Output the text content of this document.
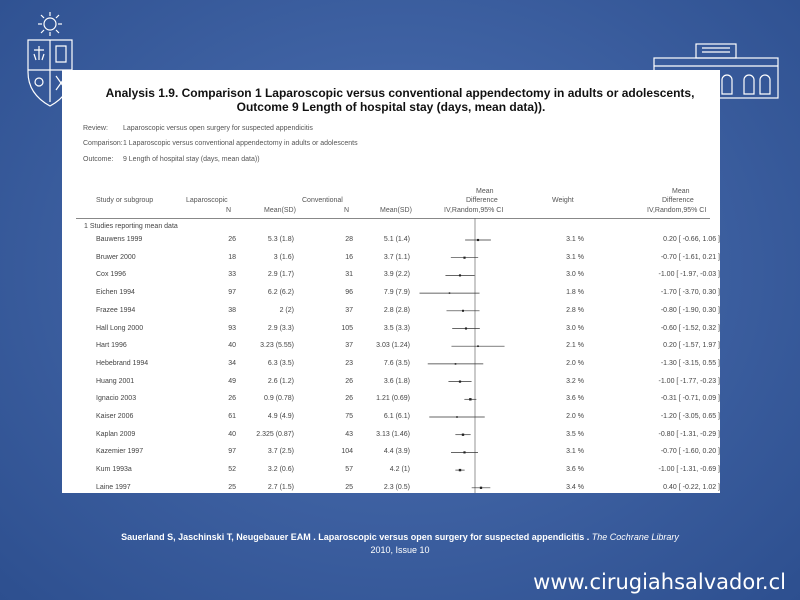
Analysis 1.9. Comparison 1 Laparoscopic versus conventional appendectomy in adults or adolescents,
Outcome 9 Length of hospital stay (days, mean data)).
Review: Laparoscopic versus open surgery for suspected appendicitis
Comparison: 1 Laparoscopic versus conventional appendectomy in adults or adolescents
Outcome: 9 Length of hospital stay (days, mean data))
Study or subgroup	Laparoscopic
N	Mean(SD)
Conventional
N	Mean(SD)
Mean
Difference
IV,Random,95% CI
Weight
Mean
Difference
IV,Random,95% CI
1 Studies reporting mean data
Bauwens 1999	26	5.3 (1.8)	28	5.1 (1.4)	3.1 %	0.20 [ -0.66, 1.06 ]
Bruwer 2000	18	3 (1.6)	16	3.7 (1.1)	3.1 %	-0.70 [ -1.61, 0.21 ]
Cox 1996	33	2.9 (1.7)	31	3.9 (2.2)	3.0 %	-1.00 [ -1.97, -0.03 ]
Eichen 1994	97	6.2 (6.2)	96	7.9 (7.9)	1.8 %	-1.70 [ -3.70, 0.30 ]
Frazee 1994	38	2 (2)	37	2.8 (2.8)	2.8 %	-0.80 [ -1.90, 0.30 ]
Hall Long 2000	93	2.9 (3.3)	105	3.5 (3.3)	3.0 %	-0.60 [ -1.52, 0.32 ]
Hart 1996	40	3.23 (5.55)	37	3.03 (1.24)	2.1 %	0.20 [ -1.57, 1.97 ]
Hebebrand 1994	34	6.3 (3.5)	23	7.6 (3.5)	2.0 %	-1.30 [ -3.15, 0.55 ]
Huang 2001	49	2.6 (1.2)	26	3.6 (1.8)	3.2 %	-1.00 [ -1.77, -0.23 ]
Ignacio 2003	26	0.9 (0.78)	26	1.21 (0.69)	3.6 %	-0.31 [ -0.71, 0.09 ]
Kaiser 2006	61	4.9 (4.9)	75	6.1 (6.1)	2.0 %	-1.20 [ -3.05, 0.65 ]
Kaplan 2009	40	2.325 (0.87)	43	3.13 (1.46)	3.5 %	-0.80 [ -1.31, -0.29 ]
Kazemier 1997	97	3.7 (2.5)	104	4.4 (3.9)	3.1 %	-0.70 [ -1.60, 0.20 ]
Kum 1993a	52	3.2 (0.6)	57	4.2 (1)	3.6 %	-1.00 [ -1.31, -0.69 ]
Laine 1997	25	2.7 (1.5)	25	2.3 (0.5)	3.4 %	0.40 [ -0.22, 1.02 ]
Sauerland S, Jaschinski T, Neugebauer EAM . Laparoscopic versus open surgery for suspected appendicitis . The Cochrane Library
2010, Issue 10
www.cirugiahsalvador.cl
